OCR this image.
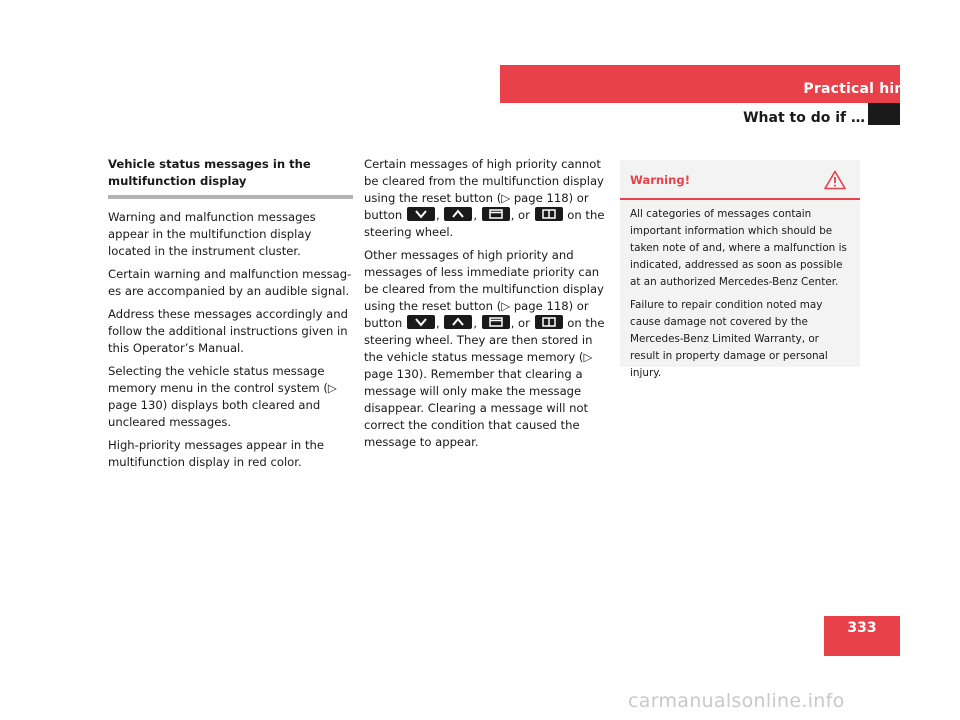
Practical hints
What to do if …
Vehicle status messages in the multifunction display

Warning and malfunction messages appear in the multifunction display located in the instrument cluster.

Certain warning and malfunction messag-es are accompanied by an audible signal.

Address these messages accordingly and follow the additional instructions given in this Operator’s Manual.

Selecting the vehicle status message memory menu in the control system (▷ page 130) displays both cleared and uncleared messages.

High-priority messages appear in the multifunction display in red color.

Certain messages of high priority cannot be cleared from the multifunction display using the reset button (▷ page 118) or button	,	,	, or	on the steering wheel.

Other messages of high priority and messages of less immediate priority can be cleared from the multifunction display using the reset button (▷ page 118) or button	,	,	, or	on the steering wheel. They are then stored in the vehicle status message memory (▷ page 130). Remember that clearing a message will only make the message disappear. Clearing a message will not correct the condition that caused the message to appear.

Warning!

All categories of messages contain important information which should be taken note of and, where a malfunction is indicated, addressed as soon as possible at an authorized Mercedes-Benz Center.

Failure to repair condition noted may cause damage not covered by the Mercedes-Benz Limited Warranty, or result in property damage or personal injury.

333
carmanualsonline.info
